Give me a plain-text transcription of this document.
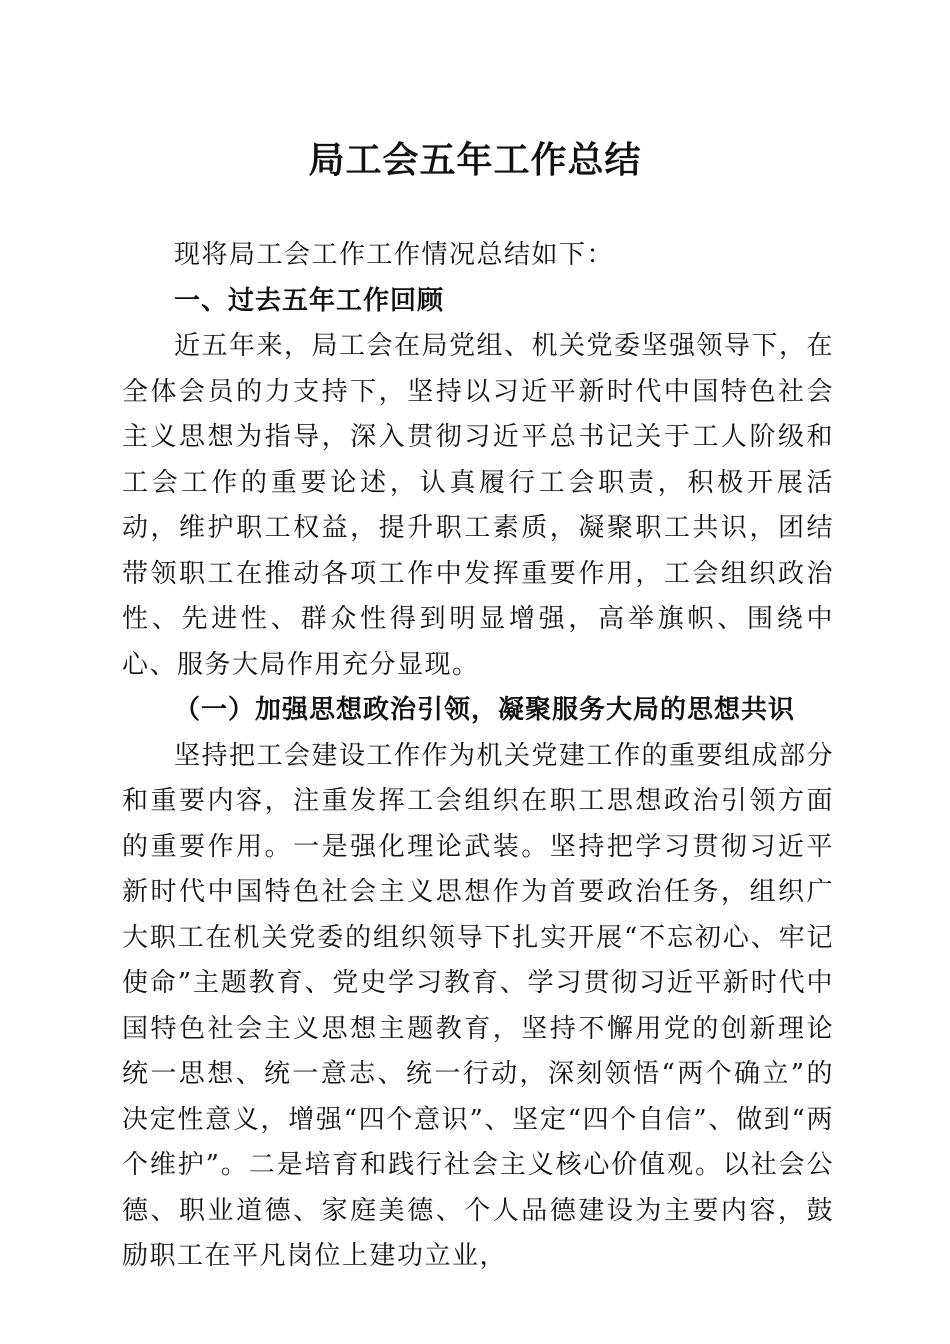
局工会五年工作总结

现将局工会工作工作情况总结如下：

一、过去五年工作回顾

近五年来，局工会在局党组、机关党委坚强领导下，在全体会员的力支持下，坚持以习近平新时代中国特色社会主义思想为指导，深入贯彻习近平总书记关于工人阶级和工会工作的重要论述，认真履行工会职责，积极开展活动，维护职工权益，提升职工素质，凝聚职工共识，团结带领职工在推动各项工作中发挥重要作用，工会组织政治性、先进性、群众性得到明显增强，高举旗帜、围绕中心、服务大局作用充分显现。

（一）加强思想政治引领，凝聚服务大局的思想共识

坚持把工会建设工作作为机关党建工作的重要组成部分和重要内容，注重发挥工会组织在职工思想政治引领方面的重要作用。一是强化理论武装。坚持把学习贯彻习近平新时代中国特色社会主义思想作为首要政治任务，组织广大职工在机关党委的组织领导下扎实开展“不忘初心、牢记使命”主题教育、党史学习教育、学习贯彻习近平新时代中国特色社会主义思想主题教育，坚持不懈用党的创新理论统一思想、统一意志、统一行动，深刻领悟“两个确立”的决定性意义，增强“四个意识”、坚定“四个自信”、做到“两个维护”。二是培育和践行社会主义核心价值观。以社会公德、职业道德、家庭美德、个人品德建设为主要内容，鼓励职工在平凡岗位上建功立业，
